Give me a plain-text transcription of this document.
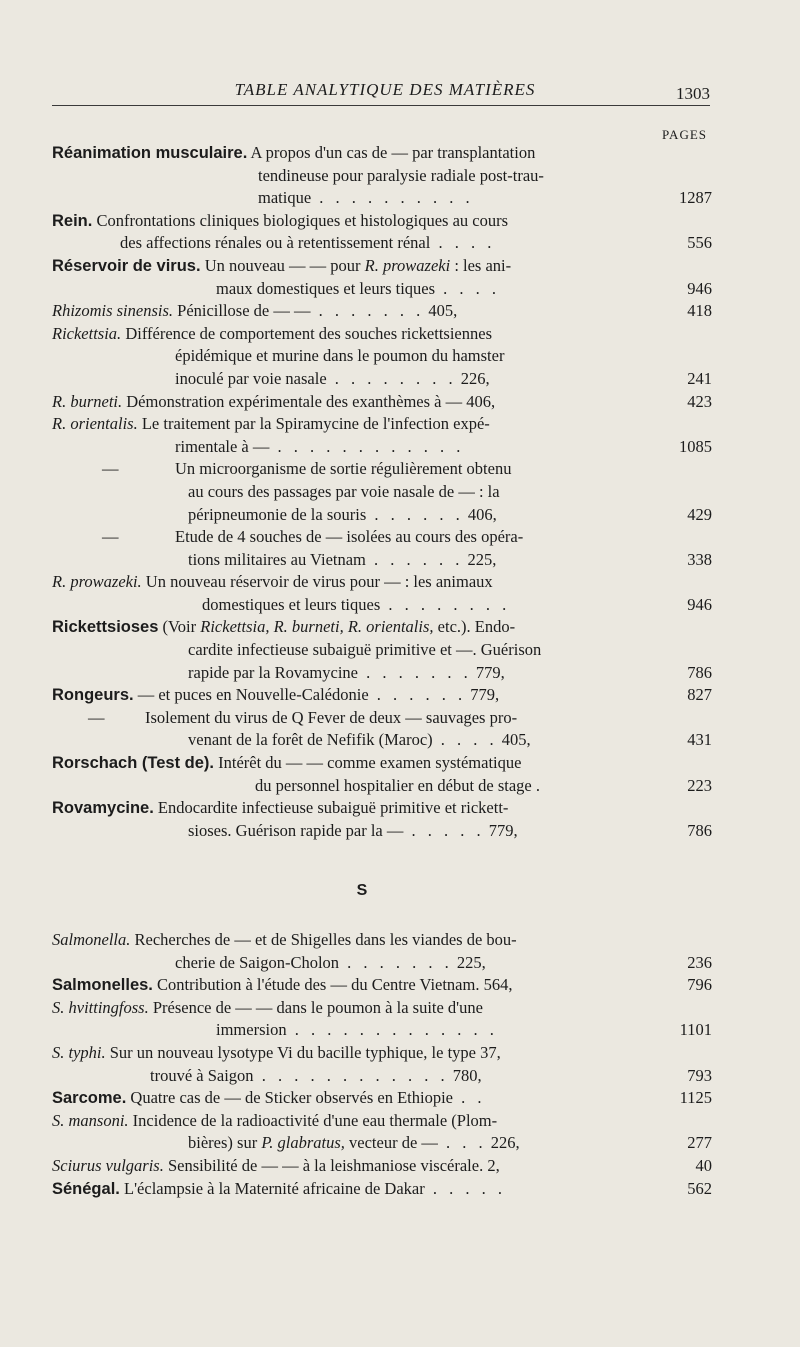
TABLE ANALYTIQUE DES MATIÈRES	1303
PAGES
Réanimation musculaire. A propos d'un cas de — par transplantation
tendineuse pour paralysie radiale post-trau-
matique . . . . . . . . . .	1287
Rein. Confrontations cliniques biologiques et histologiques au cours
des affections rénales ou à retentissement rénal . . . .	556
Réservoir de virus. Un nouveau — — pour R. prowazeki : les ani-
maux domestiques et leurs tiques . . . .	946
Rhizomis sinensis. Pénicillose de — — . . . . . . . 405,	418
Rickettsia. Différence de comportement des souches rickettsiennes
épidémique et murine dans le poumon du hamster
inoculé par voie nasale . . . . . . . . 226,	241
R. burneti. Démonstration expérimentale des exanthèmes à — 406,	423
R. orientalis. Le traitement par la Spiramycine de l'infection expé-
rimentale à — . . . . . . . . . . . .	1085
—	Un microorganisme de sortie régulièrement obtenu
au cours des passages par voie nasale de — : la
péripneumonie de la souris . . . . . . 406,	429
—	Etude de 4 souches de — isolées au cours des opéra-
tions militaires au Vietnam . . . . . . 225,	338
R. prowazeki. Un nouveau réservoir de virus pour — : les animaux
domestiques et leurs tiques . . . . . . . .	946
Rickettsioses (Voir Rickettsia, R. burneti, R. orientalis, etc.). Endo-
cardite infectieuse subaiguë primitive et —. Guérison
rapide par la Rovamycine . . . . . . . 779,	786
Rongeurs. — et puces en Nouvelle-Calédonie . . . . . . 779,	827
— Isolement du virus de Q Fever de deux — sauvages pro-
venant de la forêt de Nefifik (Maroc) . . . . 405,	431
Rorschach (Test de). Intérêt du — — comme examen systématique
du personnel hospitalier en début de stage .	223
Rovamycine. Endocardite infectieuse subaiguë primitive et rickett-
sioses. Guérison rapide par la — . . . . . 779,	786
S
Salmonella. Recherches de — et de Shigelles dans les viandes de bou-
cherie de Saigon-Cholon . . . . . . . 225,	236
Salmonelles. Contribution à l'étude des — du Centre Vietnam. 564,	796
S. hvittingfoss. Présence de — — dans le poumon à la suite d'une
immersion . . . . . . . . . . . . .	1101
S. typhi. Sur un nouveau lysotype Vi du bacille typhique, le type 37,
trouvé à Saigon . . . . . . . . . . . . 780,	793
Sarcome. Quatre cas de — de Sticker observés en Ethiopie . .	1125
S. mansoni. Incidence de la radioactivité d'une eau thermale (Plom-
bières) sur P. glabratus, vecteur de — . . . 226,	277
Sciurus vulgaris. Sensibilité de — — à la leishmaniose viscérale. 2,	40
Sénégal. L'éclampsie à la Maternité africaine de Dakar . . . . .	562
